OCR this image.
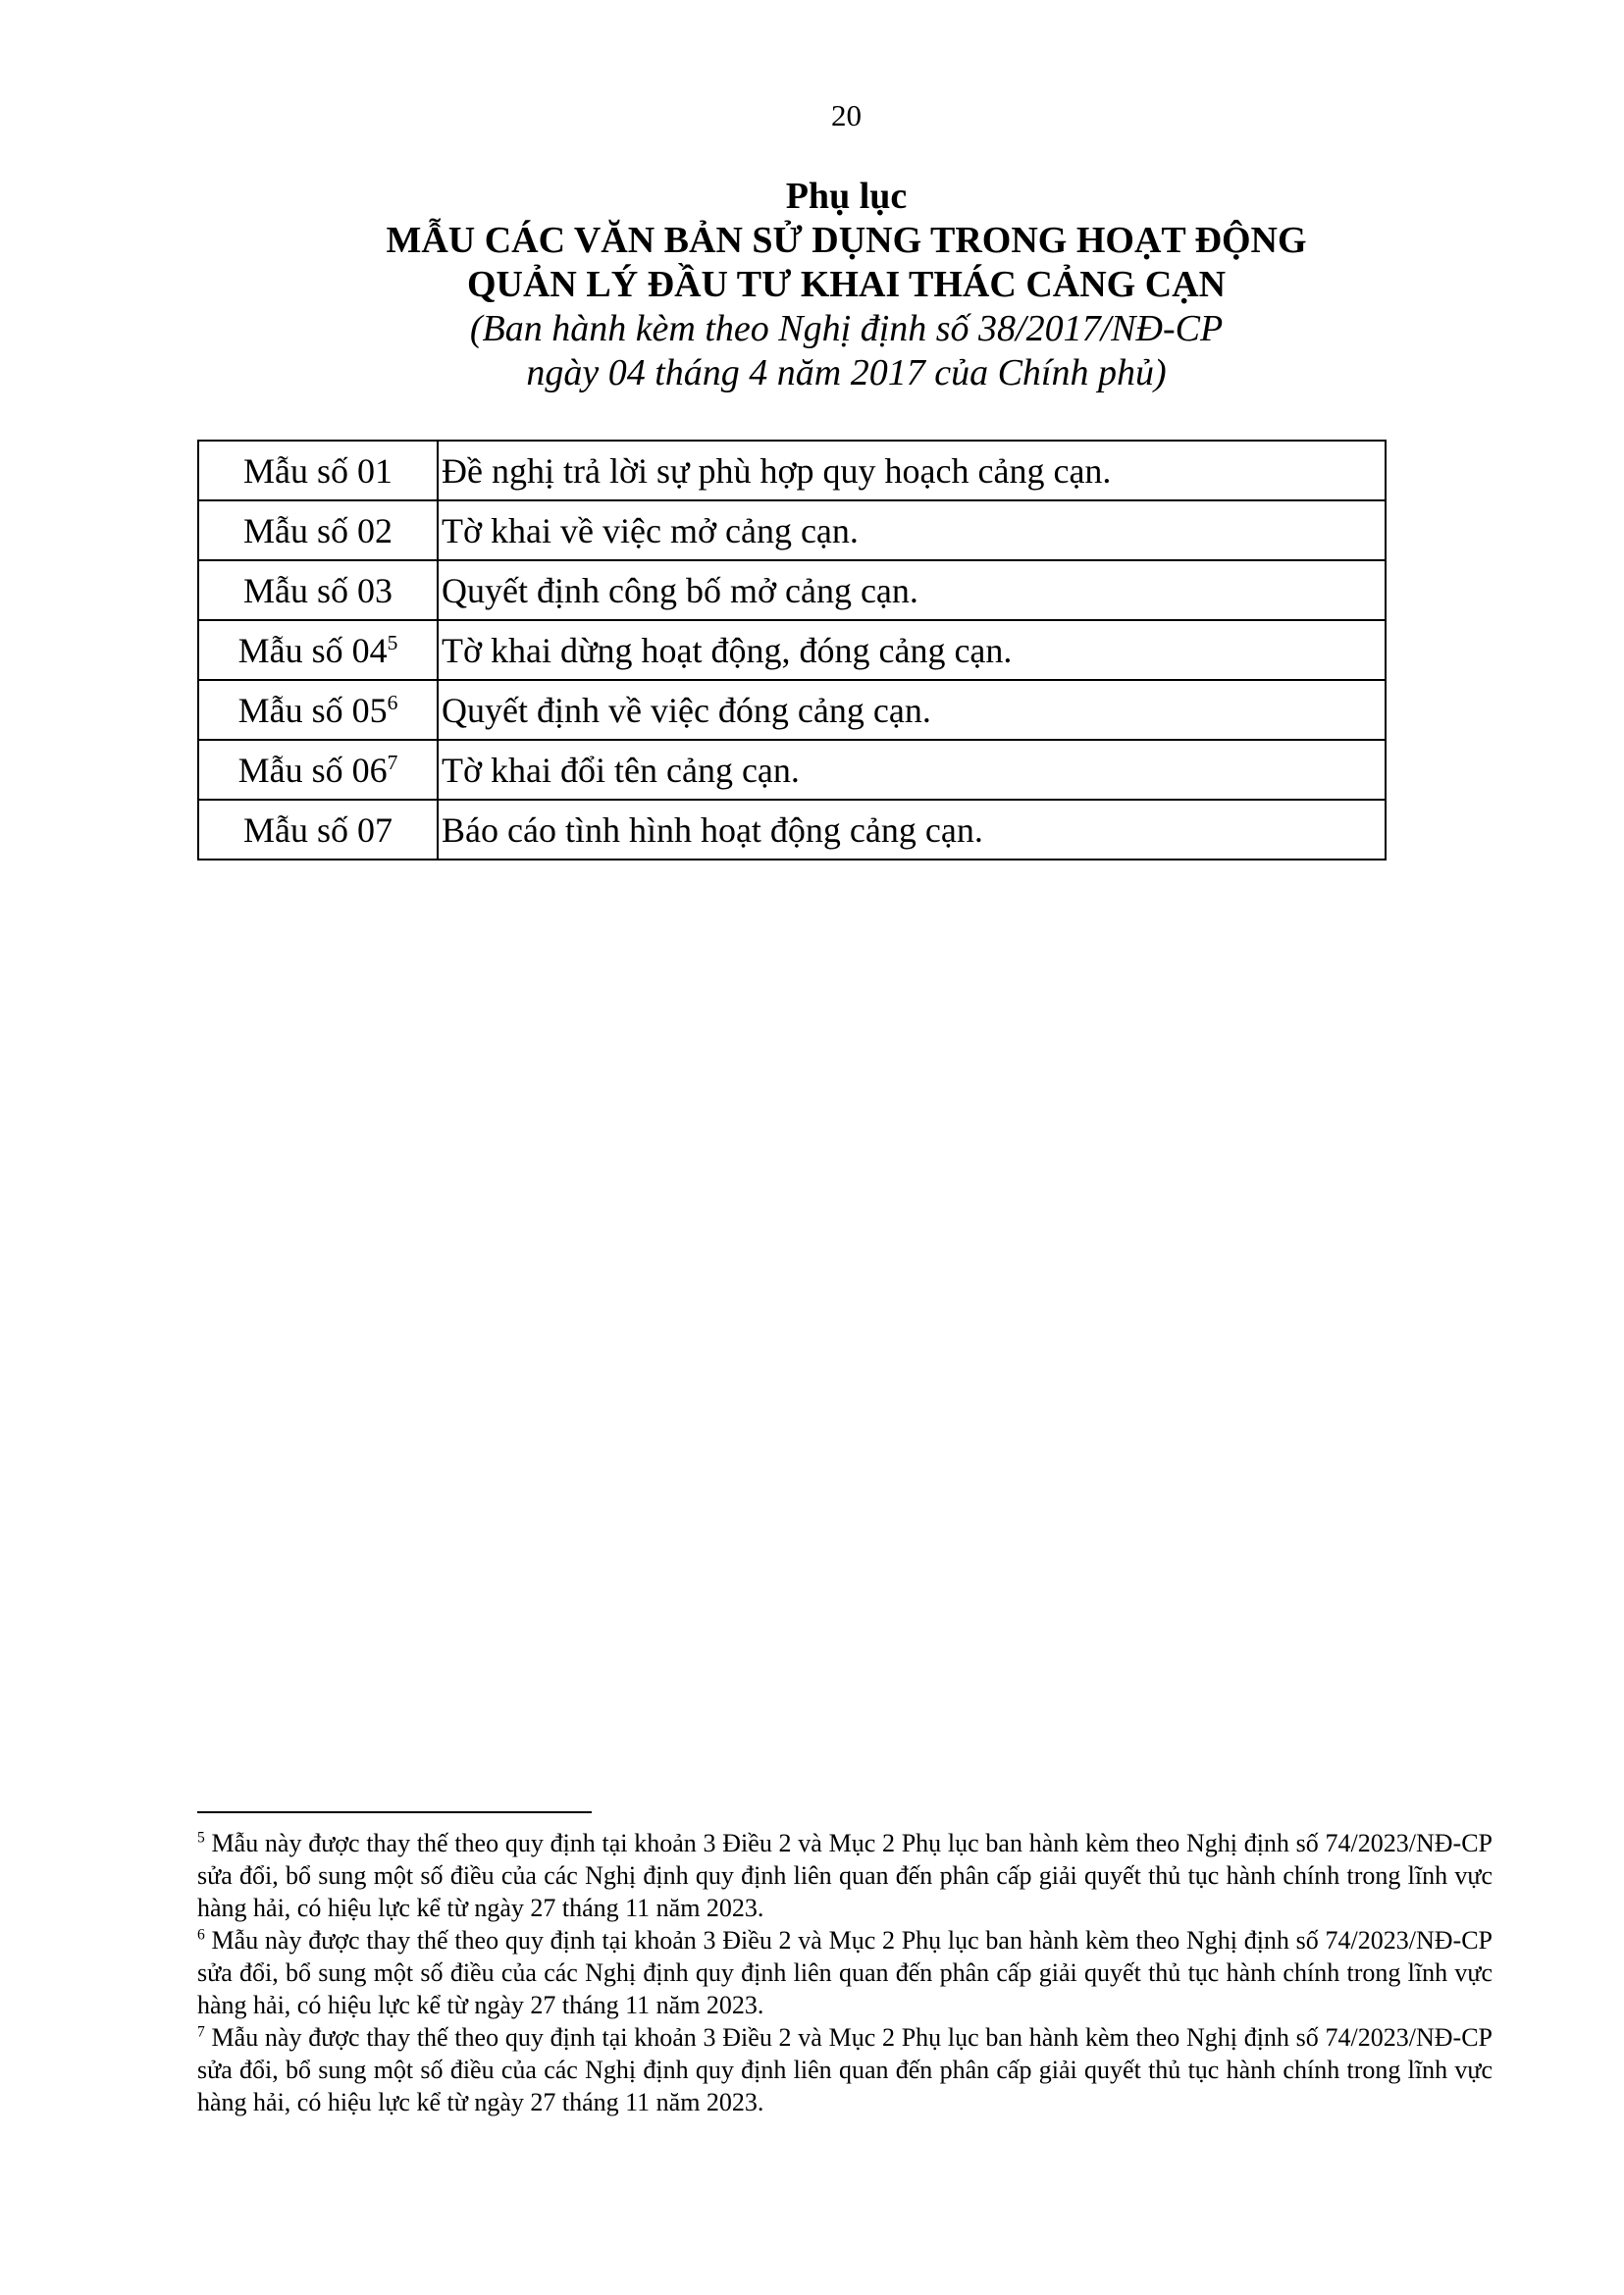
20
Phụ lục
MẪU CÁC VĂN BẢN SỬ DỤNG TRONG HOẠT ĐỘNG
QUẢN LÝ ĐẦU TƯ KHAI THÁC CẢNG CẠN
(Ban hành kèm theo Nghị định số 38/2017/NĐ-CP
ngày 04 tháng 4 năm 2017 của Chính phủ)
Mẫu số 01	Đề nghị trả lời sự phù hợp quy hoạch cảng cạn.
Mẫu số 02	Tờ khai về việc mở cảng cạn.
Mẫu số 03	Quyết định công bố mở cảng cạn.
Mẫu số $04^5$	Tờ khai dừng hoạt động, đóng cảng cạn.
Mẫu số $05^6$	Quyết định về việc đóng cảng cạn.
Mẫu số $06^7$	Tờ khai đổi tên cảng cạn.
Mẫu số 07	Báo cáo tình hình hoạt động cảng cạn.

$^5$ Mẫu này được thay thế theo quy định tại khoản 3 Điều 2 và Mục 2 Phụ lục ban hành kèm theo Nghị định số 74/2023/NĐ-CP sửa đổi, bổ sung một số điều của các Nghị định quy định liên quan đến phân cấp giải quyết thủ tục hành chính trong lĩnh vực hàng hải, có hiệu lực kể từ ngày 27 tháng 11 năm 2023.

$^6$ Mẫu này được thay thế theo quy định tại khoản 3 Điều 2 và Mục 2 Phụ lục ban hành kèm theo Nghị định số 74/2023/NĐ-CP sửa đổi, bổ sung một số điều của các Nghị định quy định liên quan đến phân cấp giải quyết thủ tục hành chính trong lĩnh vực hàng hải, có hiệu lực kể từ ngày 27 tháng 11 năm 2023.

$^7$ Mẫu này được thay thế theo quy định tại khoản 3 Điều 2 và Mục 2 Phụ lục ban hành kèm theo Nghị định số 74/2023/NĐ-CP sửa đổi, bổ sung một số điều của các Nghị định quy định liên quan đến phân cấp giải quyết thủ tục hành chính trong lĩnh vực hàng hải, có hiệu lực kể từ ngày 27 tháng 11 năm 2023.
